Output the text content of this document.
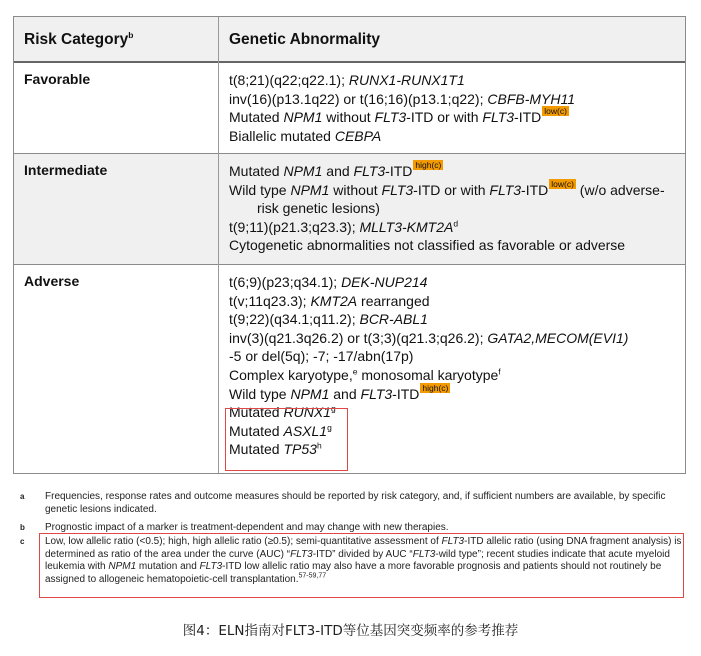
Risk Category$^b$	Genetic Abnormality
Favorable	t(8;21)(q22;q22.1); RUNX1-RUNX1T1
inv(16)(p13.1q22) or t(16;16)(p13.1;q22); CBFB-MYH11
Mutated NPM1 without FLT3-ITD or with FLT3-ITD low(c)
Biallelic mutated CEBPA
Intermediate	Mutated NPM1 and FLT3-ITD high(c)
Wild type NPM1 without FLT3-ITD or with FLT3-ITD low(c) (w/o adverse-
risk genetic lesions)
t(9;11)(p21.3;q23.3); $MLLT3-KMT2A^d$
Cytogenetic abnormalities not classified as favorable or adverse
Adverse	t(6;9)(p23;q34.1); DEK-NUP214
t(v;11q23.3); KMT2A rearranged
t(9;22)(q34.1;q11.2); BCR-ABL1
inv(3)(q21.3q26.2) or t(3;3)(q21.3;q26.2); GATA2,MECOM(EVI1)
-5 or del(5q); -7; -17/abn(17p)
Complex karyotype,$^e$ monosomal karyotype$^f$
Wild type NPM1 and FLT3-ITD high(c)
Mutated RUNX1$^g$
Mutated ASXL1$^g$
Mutated TP53$^h$
a Frequencies, response rates and outcome measures should be reported by risk category, and, if sufficient numbers are available, by specific genetic lesions indicated.
b Prognostic impact of a marker is treatment-dependent and may change with new therapies.
c Low, low allelic ratio (<0.5); high, high allelic ratio (≥0.5); semi-quantitative assessment of FLT3-ITD allelic ratio (using DNA fragment analysis) is determined as ratio of the area under the curve (AUC) “FLT3-ITD” divided by AUC “FLT3-wild type”; recent studies indicate that acute myeloid leukemia with NPM1 mutation and FLT3-ITD low allelic ratio may also have a more favorable prognosis and patients should not routinely be assigned to allogeneic hematopoietic-cell transplantation.$^{57-59,77}$
图4：ELN指南对FLT3-ITD等位基因突变频率的参考推荐
